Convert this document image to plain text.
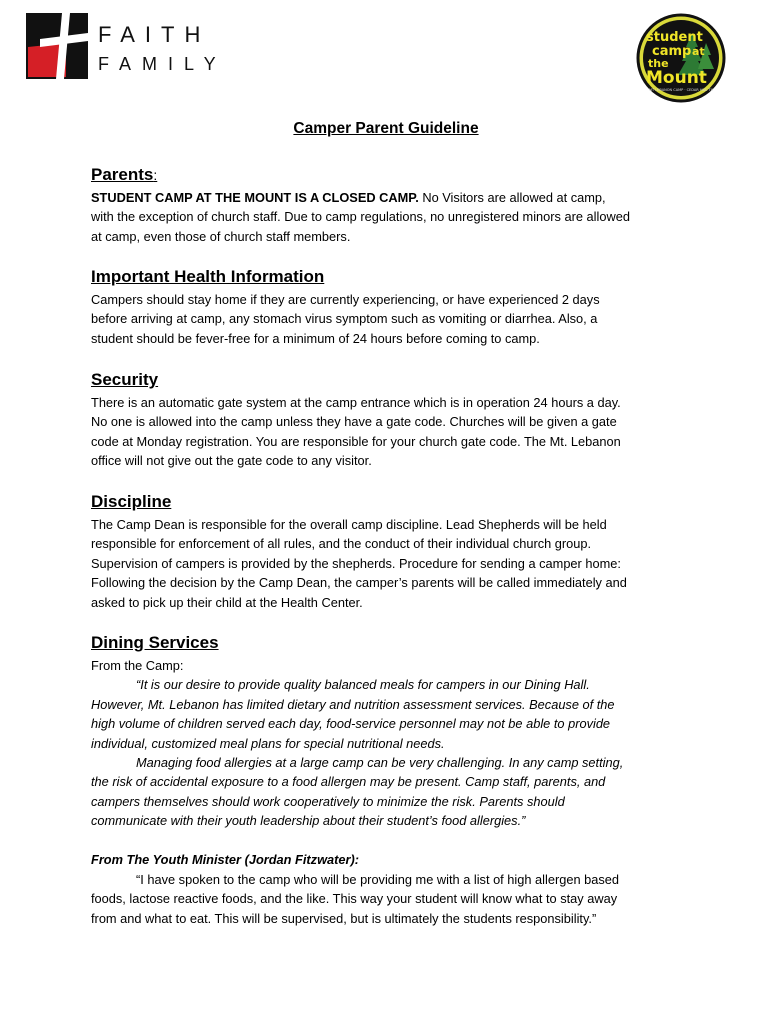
FAITH
FAMILY
student
camp at
the
Mount
MT LEBANON CAMP · CEDAR HILL TX
Camper Parent Guideline

Parents:

STUDENT CAMP AT THE MOUNT IS A CLOSED CAMP. No Visitors are allowed at camp,
with the exception of church staff. Due to camp regulations, no unregistered minors are allowed
at camp, even those of church staff members.

Important Health Information

Campers should stay home if they are currently experiencing, or have experienced 2 days
before arriving at camp, any stomach virus symptom such as vomiting or diarrhea. Also, a
student should be fever-free for a minimum of 24 hours before coming to camp.

Security

There is an automatic gate system at the camp entrance which is in operation 24 hours a day.
No one is allowed into the camp unless they have a gate code. Churches will be given a gate
code at Monday registration. You are responsible for your church gate code. The Mt. Lebanon
office will not give out the gate code to any visitor.

Discipline

The Camp Dean is responsible for the overall camp discipline. Lead Shepherds will be held
responsible for enforcement of all rules, and the conduct of their individual church group.
Supervision of campers is provided by the shepherds. Procedure for sending a camper home:
Following the decision by the Camp Dean, the camper’s parents will be called immediately and
asked to pick up their child at the Health Center.

Dining Services

From the Camp:

“It is our desire to provide quality balanced meals for campers in our Dining Hall.
However, Mt. Lebanon has limited dietary and nutrition assessment services. Because of the
high volume of children served each day, food-service personnel may not be able to provide
individual, customized meal plans for special nutritional needs.
Managing food allergies at a large camp can be very challenging. In any camp setting,
the risk of accidental exposure to a food allergen may be present. Camp staff, parents, and
campers themselves should work cooperatively to minimize the risk. Parents should
communicate with their youth leadership about their student’s food allergies.”

From The Youth Minister (Jordan Fitzwater):

“I have spoken to the camp who will be providing me with a list of high allergen based
foods, lactose reactive foods, and the like. This way your student will know what to stay away
from and what to eat. This will be supervised, but is ultimately the students responsibility.”
